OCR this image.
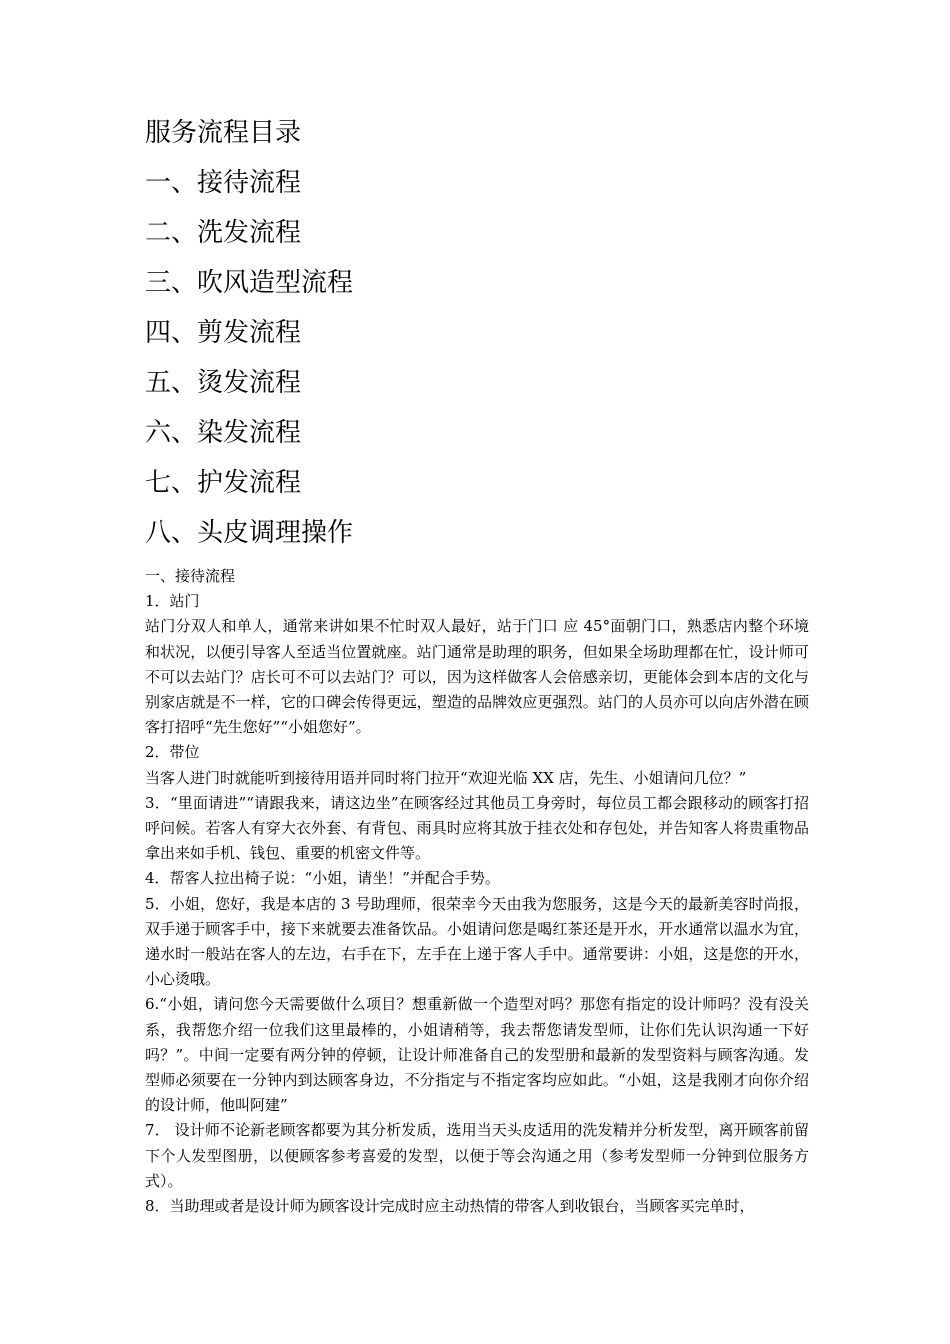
服务流程目录
一、接待流程
二、洗发流程
三、吹风造型流程
四、剪发流程
五、烫发流程
六、染发流程
七、护发流程
八、头皮调理操作

一、接待流程

1．站门

站门分双人和单人，通常来讲如果不忙时双人最好，站于门口 应 45°面朝门口，熟悉店内整个环境和状况，以便引导客人至适当位置就座。站门通常是助理的职务，但如果全场助理都在忙，设计师可不可以去站门？店长可不可以去站门？可以，因为这样做客人会倍感亲切，更能体会到本店的文化与别家店就是不一样，它的口碑会传得更远，塑造的品牌效应更强烈。站门的人员亦可以向店外潜在顾客打招呼“先生您好”“小姐您好”。

2．带位

当客人进门时就能听到接待用语并同时将门拉开“欢迎光临 XX 店，先生、小姐请问几位？”

3．“里面请进”“请跟我来，请这边坐”在顾客经过其他员工身旁时，每位员工都会跟移动的顾客打招呼问候。若客人有穿大衣外套、有背包、雨具时应将其放于挂衣处和存包处，并告知客人将贵重物品拿出来如手机、钱包、重要的机密文件等。

4．帮客人拉出椅子说：“小姐，请坐！”并配合手势。

5．小姐，您好，我是本店的 3 号助理师，很荣幸今天由我为您服务，这是今天的最新美容时尚报，双手递于顾客手中，接下来就要去准备饮品。小姐请问您是喝红茶还是开水，开水通常以温水为宜，递水时一般站在客人的左边，右手在下，左手在上递于客人手中。通常要讲：小姐，这是您的开水，小心烫哦。

6.“小姐，请问您今天需要做什么项目？想重新做一个造型对吗？那您有指定的设计师吗？没有没关系，我帮您介绍一位我们这里最棒的，小姐请稍等，我去帮您请发型师，让你们先认识沟通一下好吗？”。中间一定要有两分钟的停顿，让设计师准备自己的发型册和最新的发型资料与顾客沟通。发型师必须要在一分钟内到达顾客身边，不分指定与不指定客均应如此。“小姐，这是我刚才向你介绍的设计师，他叫阿建”

7． 设计师不论新老顾客都要为其分析发质，选用当天头皮适用的洗发精并分析发型，离开顾客前留下个人发型图册，以便顾客参考喜爱的发型，以便于等会沟通之用（参考发型师一分钟到位服务方式）。

8．当助理或者是设计师为顾客设计完成时应主动热情的带客人到收银台，当顾客买完单时，
